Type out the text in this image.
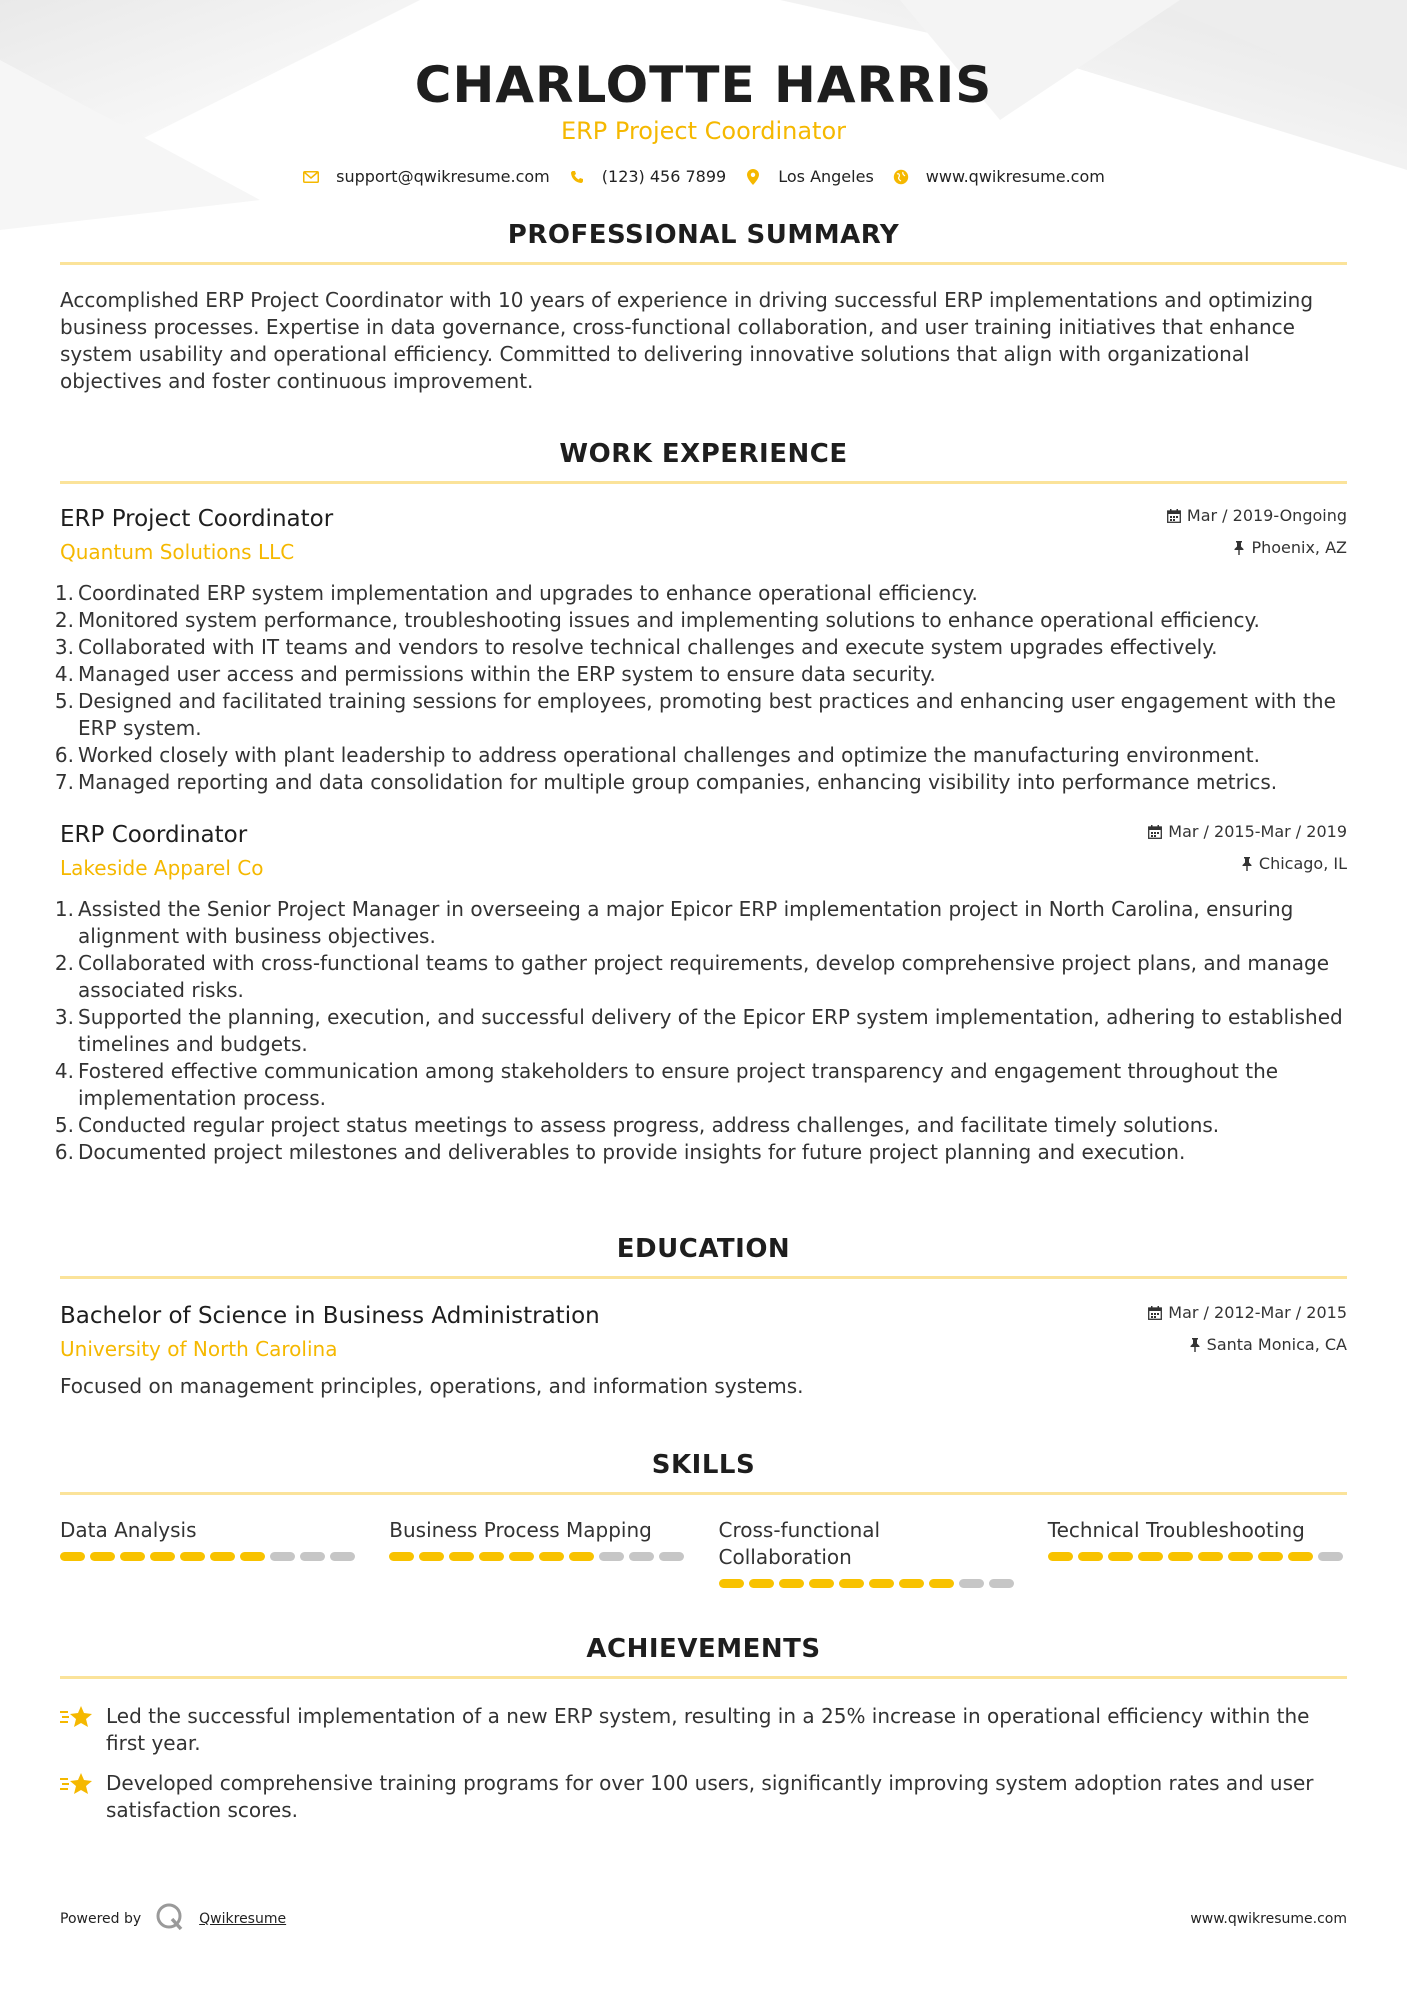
CHARLOTTE HARRIS
ERP Project Coordinator
support@qwikresume.com	(123) 456 7899	Los Angeles	www.qwikresume.com
PROFESSIONAL SUMMARY
Accomplished ERP Project Coordinator with 10 years of experience in driving successful ERP implementations and optimizing business processes. Expertise in data governance, cross-functional collaboration, and user training initiatives that enhance system usability and operational efficiency. Committed to delivering innovative solutions that align with organizational objectives and foster continuous improvement.
WORK EXPERIENCE
ERP Project Coordinator
Quantum Solutions LLC
Mar / 2019-Ongoing
Phoenix, AZ
Coordinated ERP system implementation and upgrades to enhance operational efficiency.
Monitored system performance, troubleshooting issues and implementing solutions to enhance operational efficiency.
Collaborated with IT teams and vendors to resolve technical challenges and execute system upgrades effectively.
Managed user access and permissions within the ERP system to ensure data security.
Designed and facilitated training sessions for employees, promoting best practices and enhancing user engagement with the ERP system.
Worked closely with plant leadership to address operational challenges and optimize the manufacturing environment.
Managed reporting and data consolidation for multiple group companies, enhancing visibility into performance metrics.
ERP Coordinator
Lakeside Apparel Co
Mar / 2015-Mar / 2019
Chicago, IL
Assisted the Senior Project Manager in overseeing a major Epicor ERP implementation project in North Carolina, ensuring alignment with business objectives.
Collaborated with cross-functional teams to gather project requirements, develop comprehensive project plans, and manage associated risks.
Supported the planning, execution, and successful delivery of the Epicor ERP system implementation, adhering to established timelines and budgets.
Fostered effective communication among stakeholders to ensure project transparency and engagement throughout the implementation process.
Conducted regular project status meetings to assess progress, address challenges, and facilitate timely solutions.
Documented project milestones and deliverables to provide insights for future project planning and execution.
EDUCATION
Bachelor of Science in Business Administration
University of North Carolina
Mar / 2012-Mar / 2015
Santa Monica, CA
Focused on management principles, operations, and information systems.
SKILLS
Data Analysis	Business Process Mapping	Cross-functional Collaboration
Technical Troubleshooting
ACHIEVEMENTS
Led the successful implementation of a new ERP system, resulting in a 25% increase in operational efficiency within the first year.
Developed comprehensive training programs for over 100 users, significantly improving system adoption rates and user satisfaction scores.
Powered by	Qwikresume	www.qwikresume.com
